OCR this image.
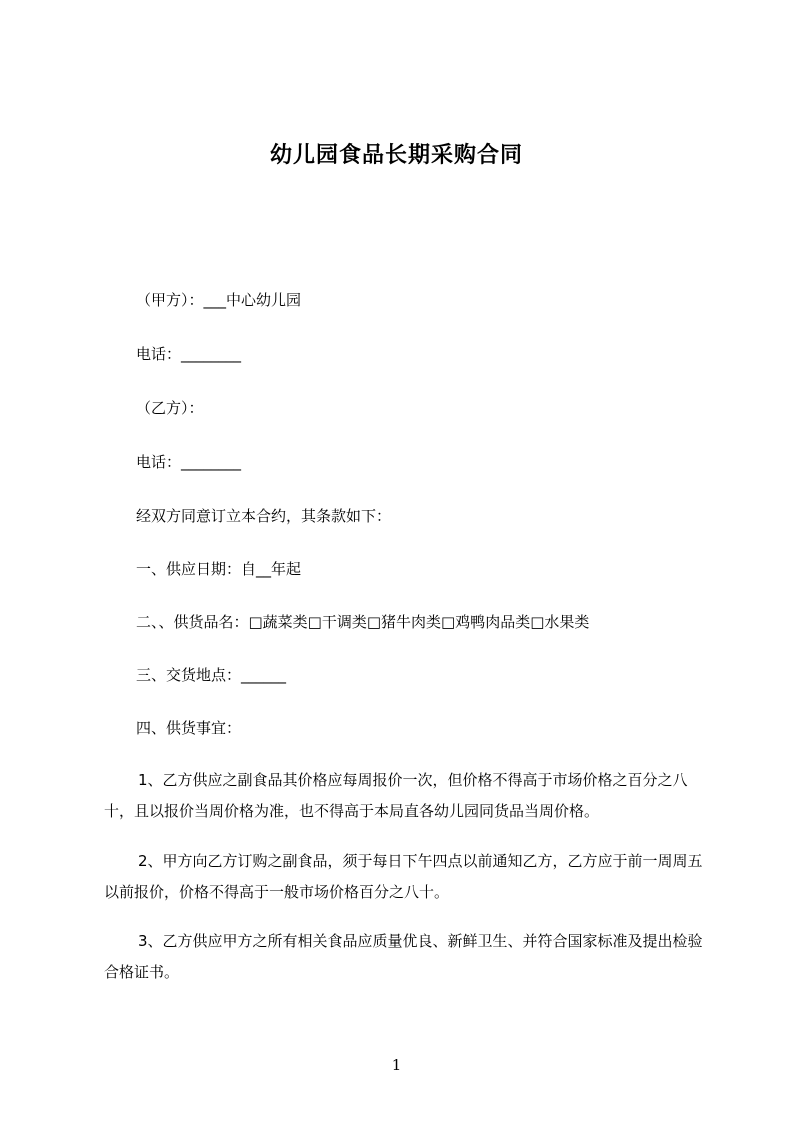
幼儿园食品长期采购合同
（甲方）：___中心幼儿园
电话：________
（乙方）：
电话：________
经双方同意订立本合约，其条款如下：
一、供应日期：自__年起
二、、供货品名：□蔬菜类□干调类□猪牛肉类□鸡鸭肉品类□水果类
三、交货地点：______
四、供货事宜：
1、乙方供应之副食品其价格应每周报价一次，但价格不得高于市场价格之百分之八十，且以报价当周价格为准，也不得高于本局直各幼儿园同货品当周价格。
2、甲方向乙方订购之副食品，须于每日下午四点以前通知乙方，乙方应于前一周周五以前报价，价格不得高于一般市场价格百分之八十。
3、乙方供应甲方之所有相关食品应质量优良、新鲜卫生、并符合国家标准及提出检验合格证书。
1
